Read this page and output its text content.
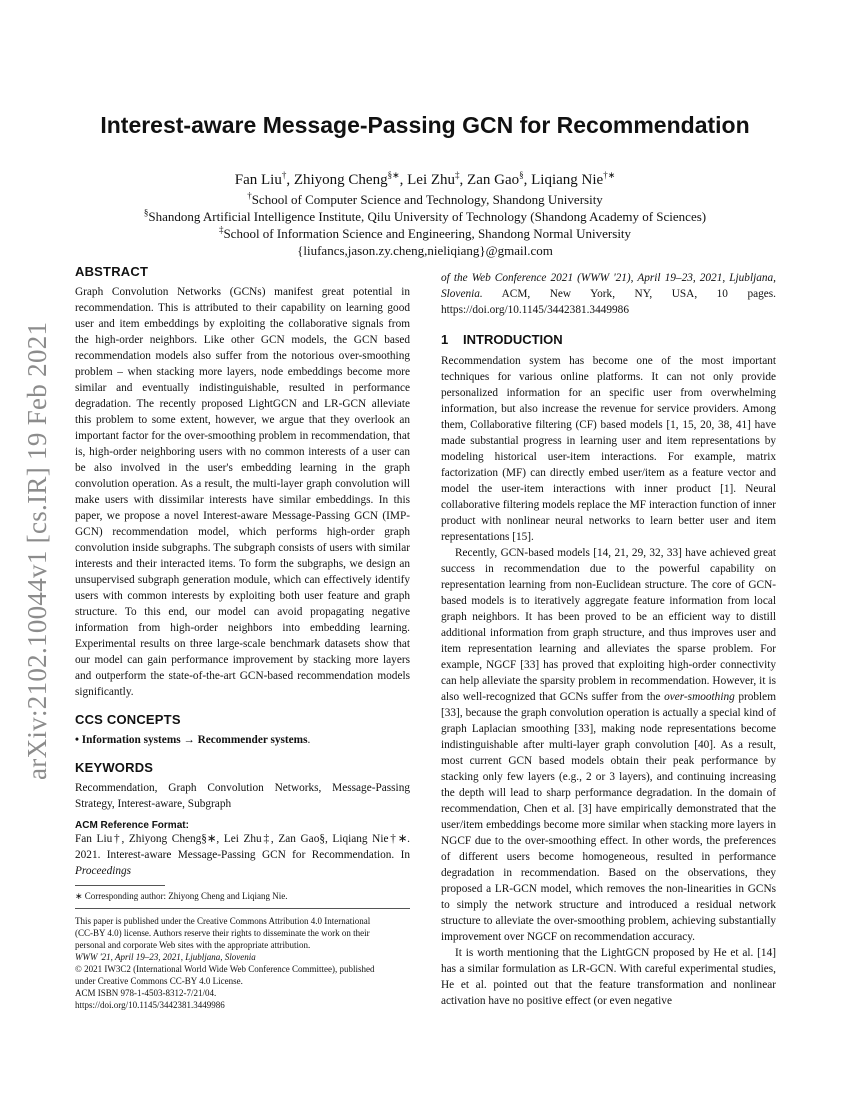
arXiv:2102.10044v1 [cs.IR] 19 Feb 2021
Interest-aware Message-Passing GCN for Recommendation
Fan Liu†, Zhiyong Cheng§∗, Lei Zhu‡, Zan Gao§, Liqiang Nie†∗
†School of Computer Science and Technology, Shandong University
§Shandong Artificial Intelligence Institute, Qilu University of Technology (Shandong Academy of Sciences)
‡School of Information Science and Engineering, Shandong Normal University
{liufancs,jason.zy.cheng,nieliqiang}@gmail.com
ABSTRACT

Graph Convolution Networks (GCNs) manifest great potential in recommendation. This is attributed to their capability on learning good user and item embeddings by exploiting the collaborative signals from the high-order neighbors. Like other GCN models, the GCN based recommendation models also suffer from the notorious over-smoothing problem – when stacking more layers, node embeddings become more similar and eventually indistinguishable, resulted in performance degradation. The recently proposed LightGCN and LR-GCN alleviate this problem to some extent, however, we argue that they overlook an important factor for the over-smoothing problem in recommendation, that is, high-order neighboring users with no common interests of a user can be also involved in the user's embedding learning in the graph convolution operation. As a result, the multi-layer graph convolution will make users with dissimilar interests have similar embeddings. In this paper, we propose a novel Interest-aware Message-Passing GCN (IMP-GCN) recommendation model, which performs high-order graph convolution inside subgraphs. The subgraph consists of users with similar interests and their interacted items. To form the subgraphs, we design an unsupervised subgraph generation module, which can effectively identify users with common interests by exploiting both user feature and graph structure. To this end, our model can avoid propagating negative information from high-order neighbors into embedding learning. Experimental results on three large-scale benchmark datasets show that our model can gain performance improvement by stacking more layers and outperform the state-of-the-art GCN-based recommendation models significantly.

CCS CONCEPTS

• Information systems → Recommender systems.

KEYWORDS

Recommendation, Graph Convolution Networks, Message-Passing Strategy, Interest-aware, Subgraph

ACM Reference Format:

Fan Liu†, Zhiyong Cheng§∗, Lei Zhu‡, Zan Gao§, Liqiang Nie†∗. 2021. Interest-aware Message-Passing GCN for Recommendation. In Proceedings

∗ Corresponding author: Zhiyong Cheng and Liqiang Nie.
This paper is published under the Creative Commons Attribution 4.0 International
(CC-BY 4.0) license. Authors reserve their rights to disseminate the work on their
personal and corporate Web sites with the appropriate attribution.
WWW '21, April 19–23, 2021, Ljubljana, Slovenia
© 2021 IW3C2 (International World Wide Web Conference Committee), published
under Creative Commons CC-BY 4.0 License.
ACM ISBN 978-1-4503-8312-7/21/04.
https://doi.org/10.1145/3442381.3449986

of the Web Conference 2021 (WWW '21), April 19–23, 2021, Ljubljana, Slovenia. ACM, New York, NY, USA, 10 pages. https://doi.org/10.1145/3442381.3449986

1 INTRODUCTION

Recommendation system has become one of the most important techniques for various online platforms. It can not only provide personalized information for an specific user from overwhelming information, but also increase the revenue for service providers. Among them, Collaborative filtering (CF) based models [1, 15, 20, 38, 41] have made substantial progress in learning user and item representations by modeling historical user-item interactions. For example, matrix factorization (MF) can directly embed user/item as a feature vector and model the user-item interactions with inner product [1]. Neural collaborative filtering models replace the MF interaction function of inner product with nonlinear neural networks to learn better user and item representations [15].

Recently, GCN-based models [14, 21, 29, 32, 33] have achieved great success in recommendation due to the powerful capability on representation learning from non-Euclidean structure. The core of GCN-based models is to iteratively aggregate feature information from local graph neighbors. It has been proved to be an efficient way to distill additional information from graph structure, and thus improves user and item representation learning and alleviates the sparse problem. For example, NGCF [33] has proved that exploiting high-order connectivity can help alleviate the sparsity problem in recommendation. However, it is also well-recognized that GCNs suffer from the over-smoothing problem [33], because the graph convolution operation is actually a special kind of graph Laplacian smoothing [33], making node representations become indistinguishable after multi-layer graph convolution [40]. As a result, most current GCN based models obtain their peak performance by stacking only few layers (e.g., 2 or 3 layers), and continuing increasing the depth will lead to sharp performance degradation. In the domain of recommendation, Chen et al. [3] have empirically demonstrated that the user/item embeddings become more similar when stacking more layers in NGCF due to the over-smoothing effect. In other words, the preferences of different users become homogeneous, resulted in performance degradation in recommendation. Based on the observations, they proposed a LR-GCN model, which removes the non-linearities in GCNs to simply the network structure and introduced a residual network structure to alleviate the over-smoothing problem, achieving substantially improvement over NGCF on recommendation accuracy.

It is worth mentioning that the LightGCN proposed by He et al. [14] has a similar formulation as LR-GCN. With careful experimental studies, He et al. pointed out that the feature transformation and nonlinear activation have no positive effect (or even negative
